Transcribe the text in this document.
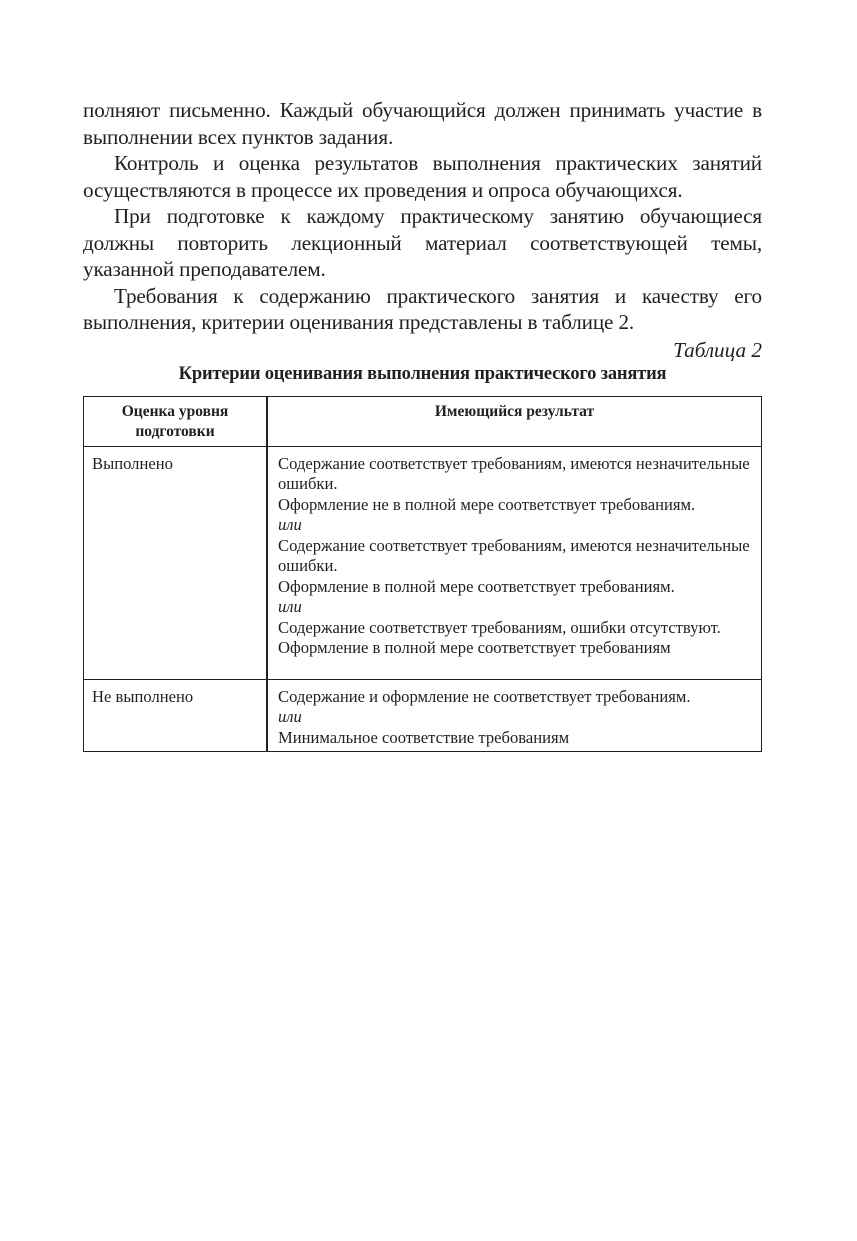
полняют письменно. Каждый обучающийся должен принимать участие в выполнении всех пунктов задания.

Контроль и оценка результатов выполнения практических занятий осуществляются в процессе их проведения и опроса обучающихся.

При подготовке к каждому практическому занятию обучающиеся должны повторить лекционный материал соответствующей темы, указанной преподавателем.

Требования к содержанию практического занятия и качеству его выполнения, критерии оценивания представлены в таблице 2.

Таблица 2

Критерии оценивания выполнения практического занятия

Оценка уровня подготовки	Имеющийся результат

Выполнено	Содержание соответствует требованиям, имеются незначительные ошибки.
Оформление не в полной мере соответствует требованиям.
или
Содержание соответствует требованиям, имеются незначительные ошибки.
Оформление в полной мере соответствует требованиям.
или
Содержание соответствует требованиям, ошибки отсутствуют.
Оформление в полной мере соответствует требованиям

Не выполнено	Содержание и оформление не соответствует требованиям.
или
Минимальное соответствие требованиям
